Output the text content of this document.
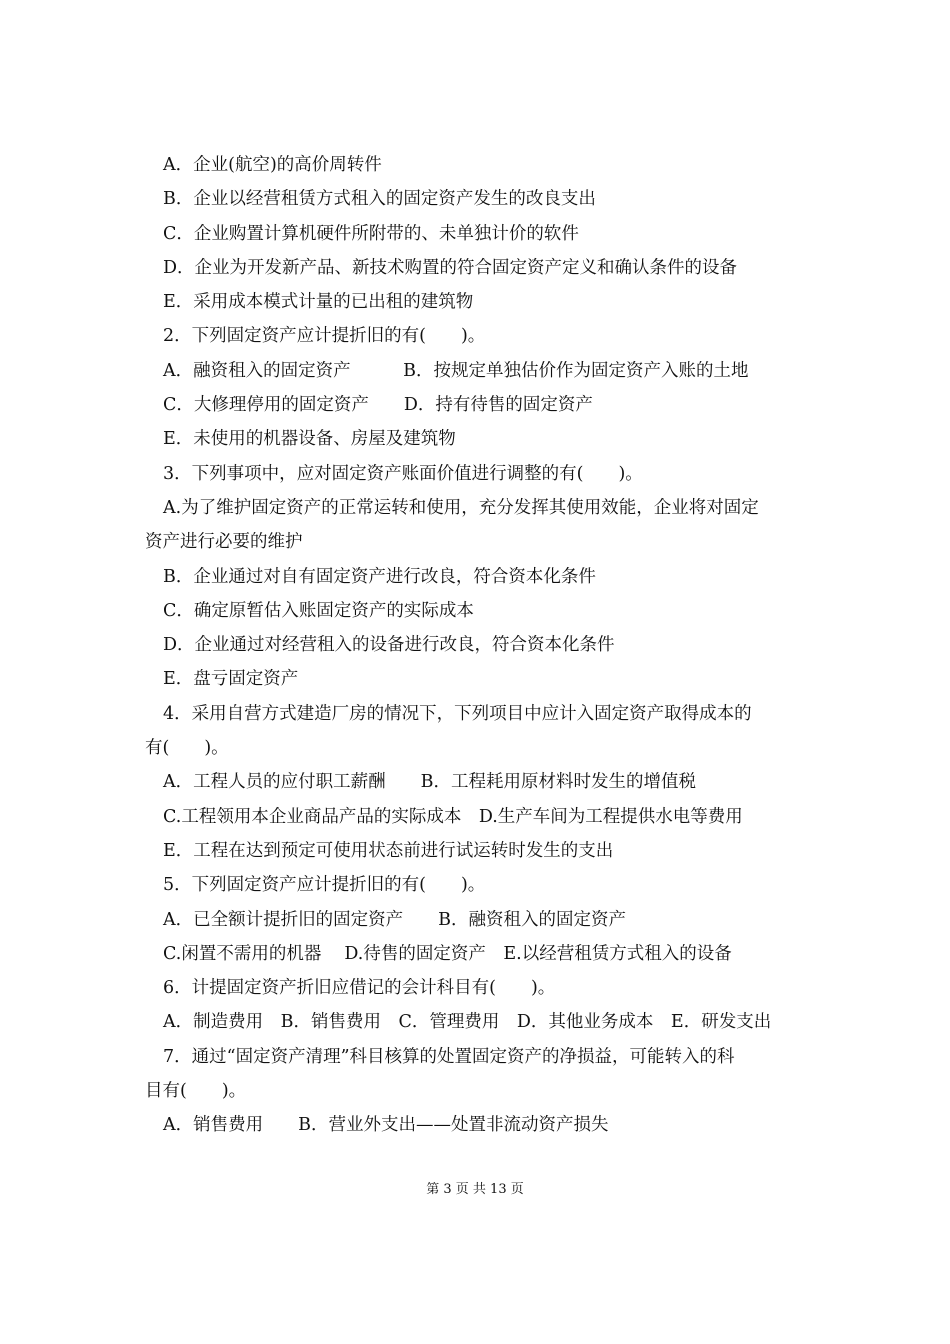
A．企业(航空)的高价周转件
B．企业以经营租赁方式租入的固定资产发生的改良支出
C．企业购置计算机硬件所附带的、未单独计价的软件
D．企业为开发新产品、新技术购置的符合固定资产定义和确认条件的设备
E．采用成本模式计量的已出租的建筑物
2．下列固定资产应计提折旧的有(　　)。
A．融资租入的固定资产　　　B．按规定单独估价作为固定资产入账的土地
C．大修理停用的固定资产　　D．持有待售的固定资产
E．未使用的机器设备、房屋及建筑物
3．下列事项中，应对固定资产账面价值进行调整的有(　　)。
A.为了维护固定资产的正常运转和使用，充分发挥其使用效能，企业将对固定
资产进行必要的维护
B．企业通过对自有固定资产进行改良，符合资本化条件
C．确定原暂估入账固定资产的实际成本
D．企业通过对经营租入的设备进行改良，符合资本化条件
E．盘亏固定资产
4．采用自营方式建造厂房的情况下，下列项目中应计入固定资产取得成本的
有(　　)。
A．工程人员的应付职工薪酬　　B．工程耗用原材料时发生的增值税
C.工程领用本企业商品产品的实际成本　D.生产车间为工程提供水电等费用
E．工程在达到预定可使用状态前进行试运转时发生的支出
5．下列固定资产应计提折旧的有(　　)。
A．已全额计提折旧的固定资产　　B．融资租入的固定资产
C.闲置不需用的机器　 D.待售的固定资产　E.以经营租赁方式租入的设备
6．计提固定资产折旧应借记的会计科目有(　　)。
A．制造费用　B．销售费用　C．管理费用　D．其他业务成本　E．研发支出
7．通过“固定资产清理”科目核算的处置固定资产的净损益，可能转入的科
目有(　　)。
A．销售费用　　B．营业外支出——处置非流动资产损失
第 3 页 共 13 页
